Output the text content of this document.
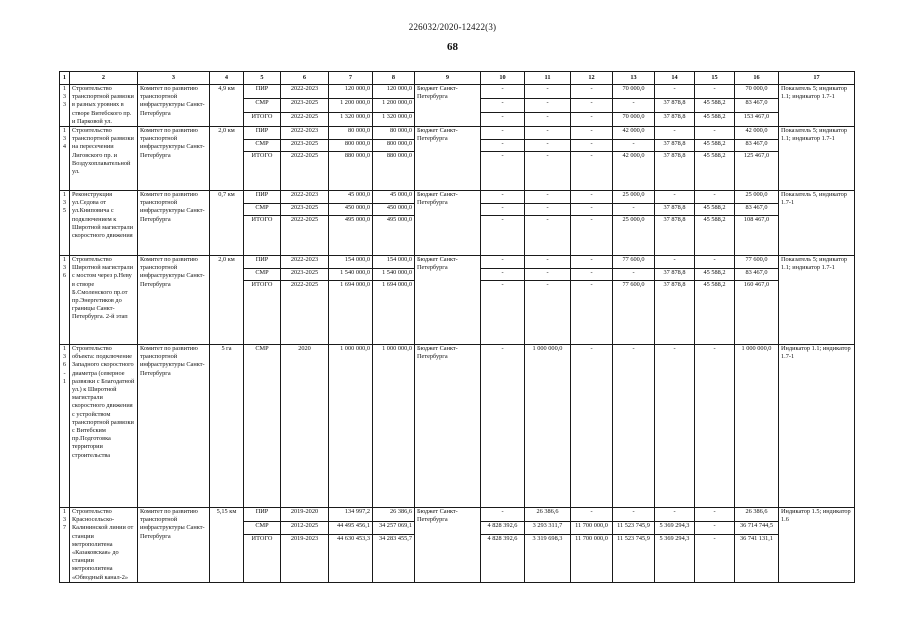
226032/2020-12422(3)
68
1	2	3	4	5	6	7	8	9	10	11	12	13	14	15	16	17
133	Строительство транспортной развязки в разных уровнях в створе Витебского пр. и Парковой ул.	Комитет по развитию транспортной инфраструктуры Санкт-Петербурга	4,9 км	ПИР	2022-2023	120 000,0	120 000,0	Бюджет Санкт-Петербурга	-	-	-	70 000,0	-	-	70 000,0	Показатель 5; индикатор 1.1; индикатор 1.7-1
				СМР	2023-2025	1 200 000,0	1 200 000,0		-	-	-	-	37 878,8	45 588,2	83 467,0	
				ИТОГО	2022-2025	1 320 000,0	1 320 000,0		-	-	-	70 000,0	37 878,8	45 588,2	153 467,0	
134	Строительство транспортной развязки на пересечении Лиговского пр. и Воздухоплавательной ул.	Комитет по развитию транспортной инфраструктуры Санкт-Петербурга	2,0 км	ПИР	2022-2023	80 000,0	80 000,0	Бюджет Санкт-Петербурга	-	-	-	42 000,0	-	-	42 000,0	Показатель 5; индикатор 1.1; индикатор 1.7-1
				СМР	2023-2025	800 000,0	800 000,0		-	-	-	-	37 878,8	45 588,2	83 467,0	
				ИТОГО	2022-2025	880 000,0	880 000,0		-	-	-	42 000,0	37 878,8	45 588,2	125 467,0	
135	Реконструкция ул.Седова от ул.Книповича с подключением к Широтной магистрали скоростного движения	Комитет по развитию транспортной инфраструктуры Санкт-Петербурга	0,7 км	ПИР	2022-2023	45 000,0	45 000,0	Бюджет Санкт-Петербурга	-	-	-	25 000,0	-	-	25 000,0	Показатель 5, индикатор 1.7-1
				СМР	2023-2025	450 000,0	450 000,0		-	-	-	-	37 878,8	45 588,2	83 467,0	
				ИТОГО	2022-2025	495 000,0	495 000,0		-	-	-	25 000,0	37 878,8	45 588,2	108 467,0	
136	Строительство Широтной магистрали с мостом через р.Неву в створе Б.Смоленского пр.от пр.Энергетиков до границы Санкт-Петербурга. 2-й этап	Комитет по развитию транспортной инфраструктуры Санкт-Петербурга	2,0 км	ПИР	2022-2023	154 000,0	154 000,0	Бюджет Санкт-Петербурга	-	-	-	77 600,0	-	-	77 600,0	Показатель 5; индикатор 1.1; индикатор 1.7-1
				СМР	2023-2025	1 540 000,0	1 540 000,0		-	-	-	-	37 878,8	45 588,2	83 467,0	
				ИТОГО	2022-2025	1 694 000,0	1 694 000,0		-	-	-	77 600,0	37 878,8	45 588,2	160 467,0	
136-1	Строительство объекта: подключение Западного скоростного диаметра (северное развязки с Благодатной ул.) к Широтной магистрали скоростного движения с устройством транспортной развязки с Витебским пр.Подготовка территории строительства	Комитет по развитию транспортной инфраструктуры Санкт-Петербурга	5 га	СМР	2020	1 000 000,0	1 000 000,0	Бюджет Санкт-Петербурга	-	1 000 000,0	-	-	-	-	1 000 000,0	Индикатор 1.1; индикатор 1.7-1
137	Строительство Красносельско-Калининской линии от станции метрополитена «Казаковская» до станции метрополитена «Обводный канал-2»	Комитет по развитию транспортной инфраструктуры Санкт-Петербурга	5,15 км	ПИР	2019-2020	134 997,2	26 386,6	Бюджет Санкт-Петербурга	-	26 386,6	-	-	-	-	26 386,6	Индикатор 1.5; индикатор 1.6
				СМР	2012-2025	44 495 456,1	34 257 069,1		4 828 392,6	3 293 311,7	11 700 000,0	11 523 745,9	5 369 294,3	-	36 714 744,5	
				ИТОГО	2019-2023	44 630 453,3	34 283 455,7		4 828 392,6	3 319 698,3	11 700 000,0	11 523 745,9	5 369 294,3	-	36 741 131,1	
